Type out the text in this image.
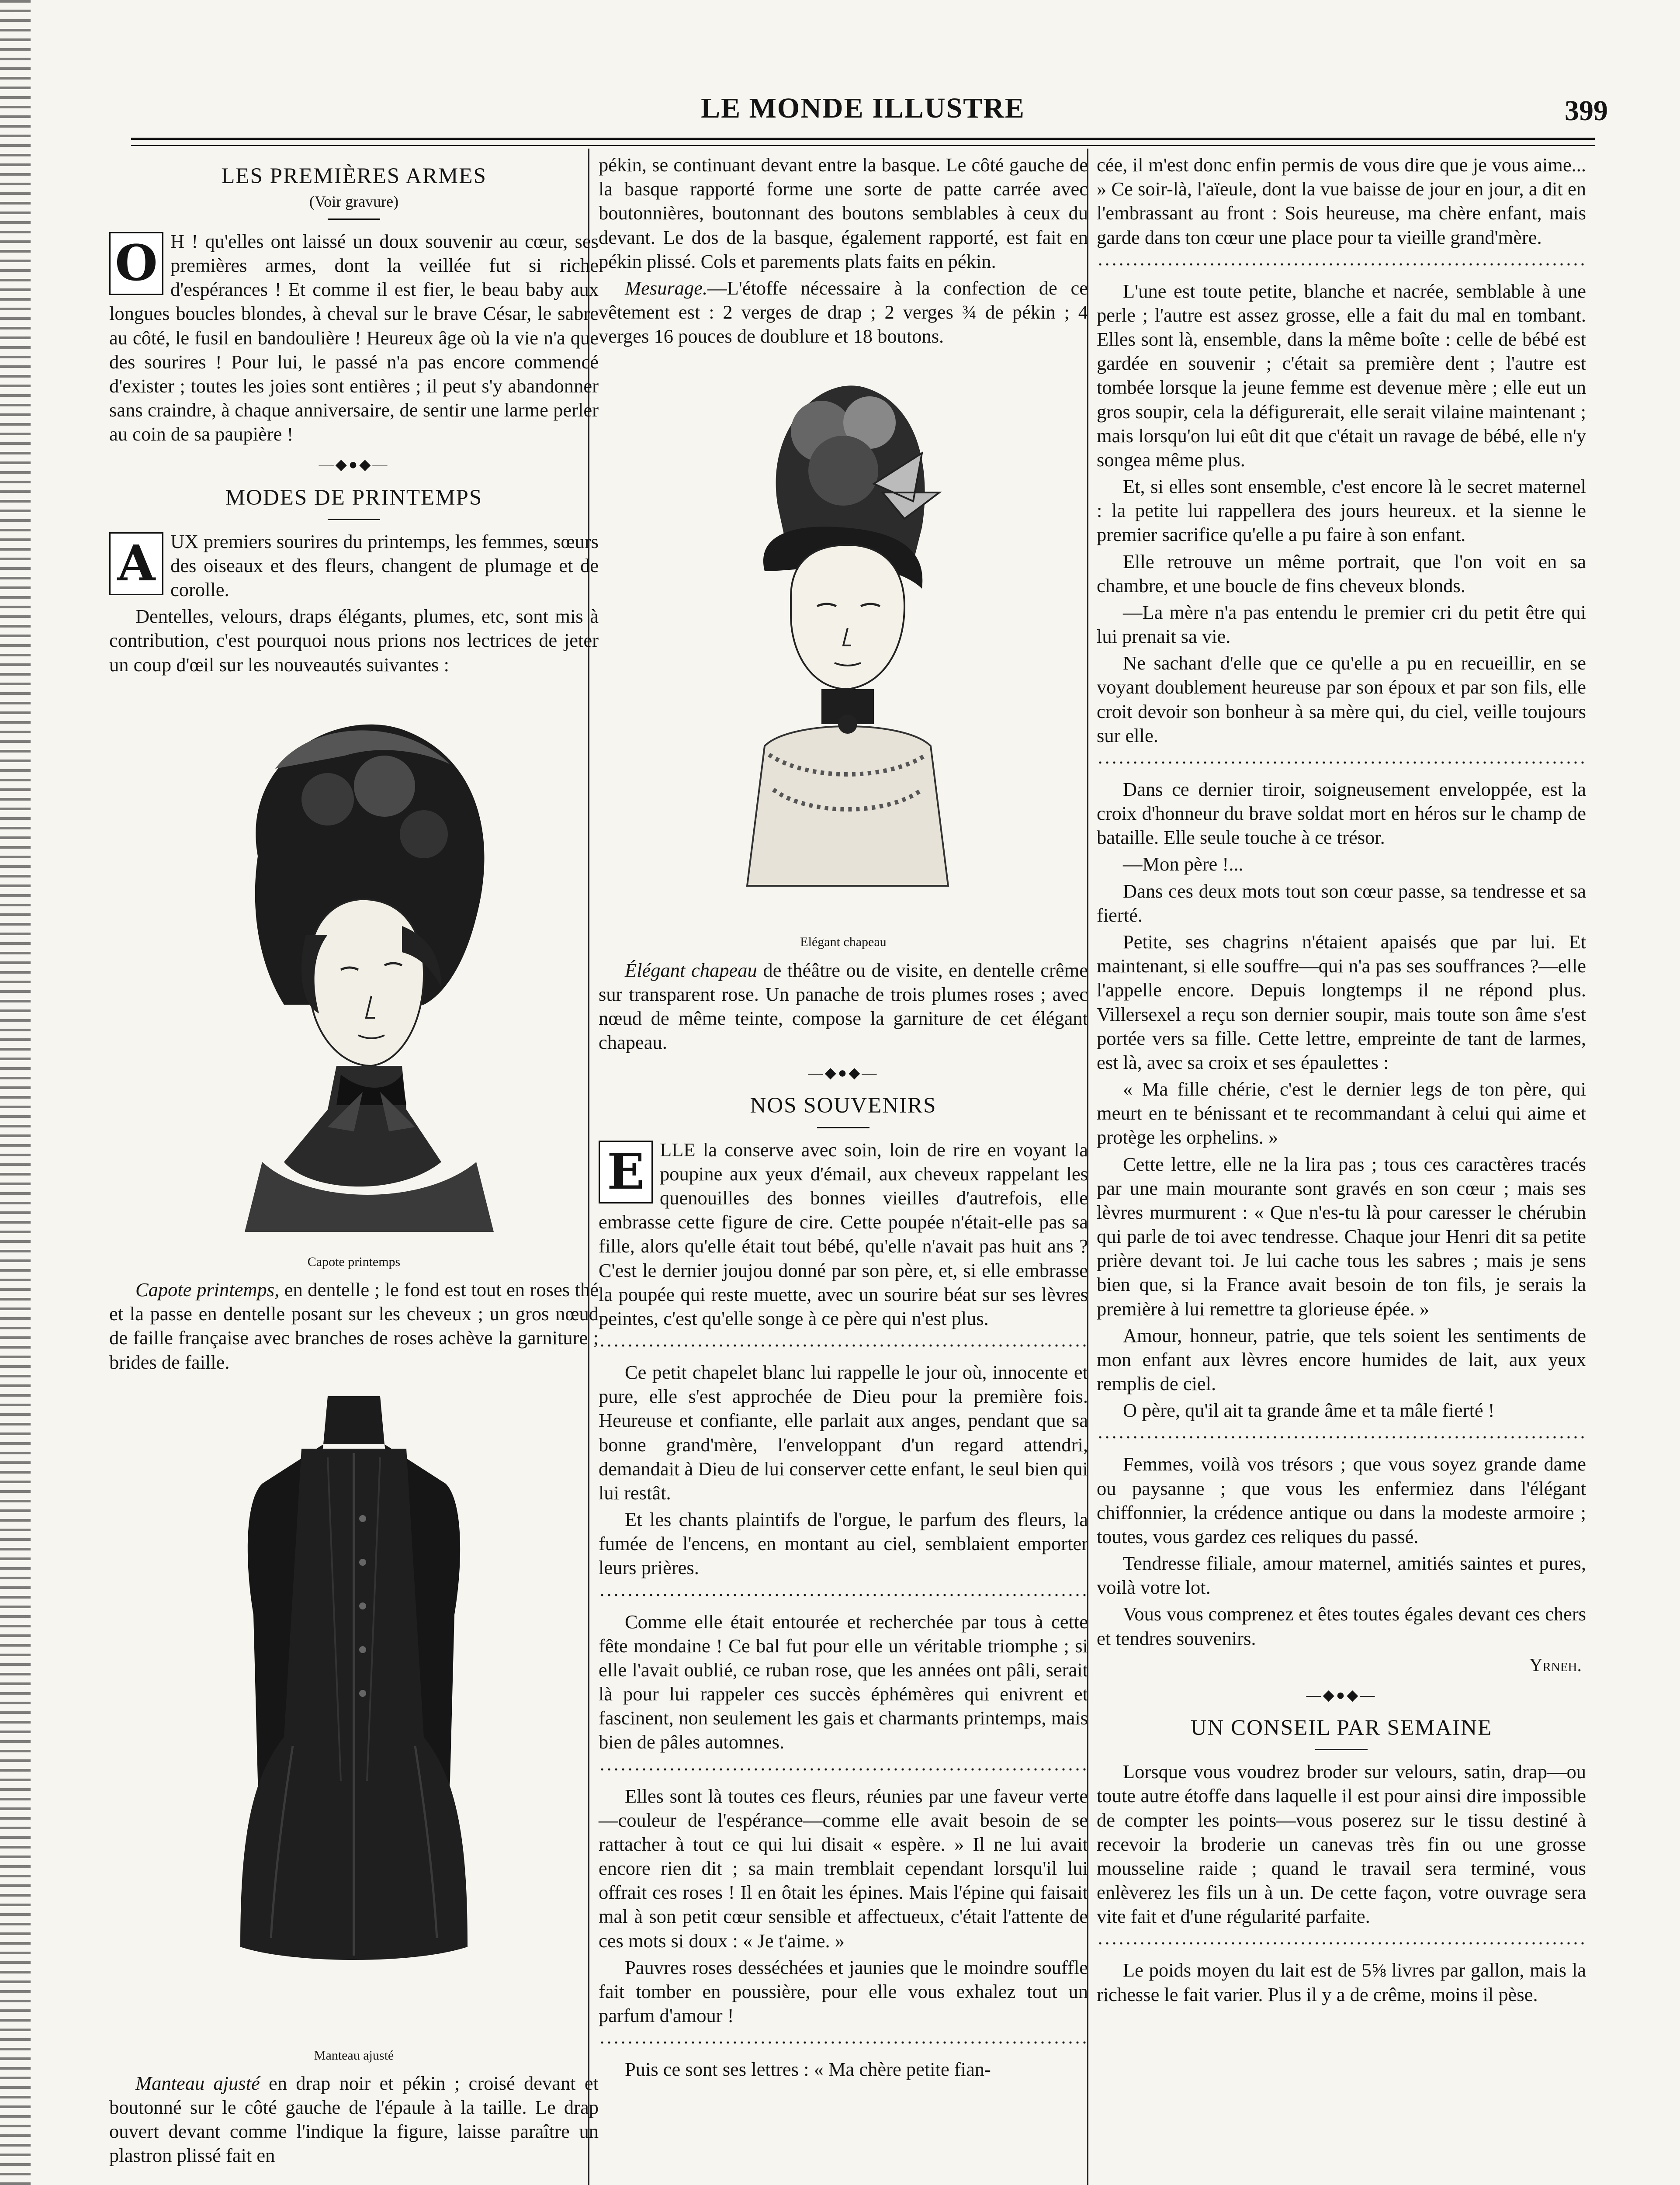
LE MONDE ILLUSTRE	399
LES PREMIÈRES ARMES
(Voir gravure)

O H ! qu'elles ont laissé un doux souvenir au cœur, ses premières armes, dont la veillée fut si riche d'espérances ! Et comme il est fier, le beau baby aux longues boucles blondes, à cheval sur le brave César, le sabre au côté, le fusil en bandoulière ! Heureux âge où la vie n'a que des sourires ! Pour lui, le passé n'a pas encore commencé d'exister ; toutes les joies sont entières ; il peut s'y abandonner sans craindre, à chaque anniversaire, de sentir une larme perler au coin de sa paupière !

—◆●◆—
MODES DE PRINTEMPS

A UX premiers sourires du printemps, les femmes, sœurs des oiseaux et des fleurs, changent de plumage et de corolle.

Dentelles, velours, draps élégants, plumes, etc, sont mis à contribution, c'est pourquoi nous prions nos lectrices de jeter un coup d'œil sur les nouveautés suivantes :

Capote printemps

Capote printemps, en dentelle ; le fond est tout en roses thé et la passe en dentelle posant sur les cheveux ; un gros nœud de faille française avec branches de roses achève la garniture ; brides de faille.

Manteau ajusté

Manteau ajusté en drap noir et pékin ; croisé devant et boutonné sur le côté gauche de l'épaule à la taille. Le drap ouvert devant comme l'indique la figure, laisse paraître un plastron plissé fait en

pékin, se continuant devant entre la basque. Le côté gauche de la basque rapporté forme une sorte de patte carrée avec boutonnières, boutonnant des boutons semblables à ceux du devant. Le dos de la basque, également rapporté, est fait en pékin plissé. Cols et parements plats faits en pékin.

Mesurage.—L'étoffe nécessaire à la confection de ce vêtement est : 2 verges de drap ; 2 verges ¾ de pékin ; 4 verges 16 pouces de doublure et 18 boutons.

Elégant chapeau

Élégant chapeau de théâtre ou de visite, en dentelle crême sur transparent rose. Un panache de trois plumes roses ; avec nœud de même teinte, compose la garniture de cet élégant chapeau.

—◆●◆—
NOS SOUVENIRS

E LLE la conserve avec soin, loin de rire en voyant la poupine aux yeux d'émail, aux cheveux rappelant les quenouilles des bonnes vieilles d'autrefois, elle embrasse cette figure de cire. Cette poupée n'était-elle pas sa fille, alors qu'elle était tout bébé, qu'elle n'avait pas huit ans ? C'est le dernier joujou donné par son père, et, si elle embrasse la poupée qui reste muette, avec un sourire béat sur ses lèvres peintes, c'est qu'elle songe à ce père qui n'est plus.

Ce petit chapelet blanc lui rappelle le jour où, innocente et pure, elle s'est approchée de Dieu pour la première fois. Heureuse et confiante, elle parlait aux anges, pendant que sa bonne grand'mère, l'enveloppant d'un regard attendri, demandait à Dieu de lui conserver cette enfant, le seul bien qui lui restât.

Et les chants plaintifs de l'orgue, le parfum des fleurs, la fumée de l'encens, en montant au ciel, semblaient emporter leurs prières.

Comme elle était entourée et recherchée par tous à cette fête mondaine ! Ce bal fut pour elle un véritable triomphe ; si elle l'avait oublié, ce ruban rose, que les années ont pâli, serait là pour lui rappeler ces succès éphémères qui enivrent et fascinent, non seulement les gais et charmants printemps, mais bien de pâles automnes.

Elles sont là toutes ces fleurs, réunies par une faveur verte—couleur de l'espérance—comme elle avait besoin de se rattacher à tout ce qui lui disait « espère. » Il ne lui avait encore rien dit ; sa main tremblait cependant lorsqu'il lui offrait ces roses ! Il en ôtait les épines. Mais l'épine qui faisait mal à son petit cœur sensible et affectueux, c'était l'attente de ces mots si doux : « Je t'aime. »

Pauvres roses desséchées et jaunies que le moindre souffle fait tomber en poussière, pour elle vous exhalez tout un parfum d'amour !

Puis ce sont ses lettres : « Ma chère petite fian-

cée, il m'est donc enfin permis de vous dire que je vous aime... » Ce soir-là, l'aïeule, dont la vue baisse de jour en jour, a dit en l'embrassant au front : Sois heureuse, ma chère enfant, mais garde dans ton cœur une place pour ta vieille grand'mère.

L'une est toute petite, blanche et nacrée, semblable à une perle ; l'autre est assez grosse, elle a fait du mal en tombant. Elles sont là, ensemble, dans la même boîte : celle de bébé est gardée en souvenir ; c'était sa première dent ; l'autre est tombée lorsque la jeune femme est devenue mère ; elle eut un gros soupir, cela la défigurerait, elle serait vilaine maintenant ; mais lorsqu'on lui eût dit que c'était un ravage de bébé, elle n'y songea même plus.

Et, si elles sont ensemble, c'est encore là le secret maternel : la petite lui rappellera des jours heureux. et la sienne le premier sacrifice qu'elle a pu faire à son enfant.

Elle retrouve un même portrait, que l'on voit en sa chambre, et une boucle de fins cheveux blonds.

—La mère n'a pas entendu le premier cri du petit être qui lui prenait sa vie.

Ne sachant d'elle que ce qu'elle a pu en recueillir, en se voyant doublement heureuse par son époux et par son fils, elle croit devoir son bonheur à sa mère qui, du ciel, veille toujours sur elle.

Dans ce dernier tiroir, soigneusement enveloppée, est la croix d'honneur du brave soldat mort en héros sur le champ de bataille. Elle seule touche à ce trésor.

—Mon père !...

Dans ces deux mots tout son cœur passe, sa tendresse et sa fierté.

Petite, ses chagrins n'étaient apaisés que par lui. Et maintenant, si elle souffre—qui n'a pas ses souffrances ?—elle l'appelle encore. Depuis longtemps il ne répond plus. Villersexel a reçu son dernier soupir, mais toute son âme s'est portée vers sa fille. Cette lettre, empreinte de tant de larmes, est là, avec sa croix et ses épaulettes :

« Ma fille chérie, c'est le dernier legs de ton père, qui meurt en te bénissant et te recommandant à celui qui aime et protège les orphelins. »

Cette lettre, elle ne la lira pas ; tous ces caractères tracés par une main mourante sont gravés en son cœur ; mais ses lèvres murmurent : « Que n'es-tu là pour caresser le chérubin qui parle de toi avec tendresse. Chaque jour Henri dit sa petite prière devant toi. Je lui cache tous les sabres ; mais je sens bien que, si la France avait besoin de ton fils, je serais la première à lui remettre ta glorieuse épée. »

Amour, honneur, patrie, que tels soient les sentiments de mon enfant aux lèvres encore humides de lait, aux yeux remplis de ciel.

O père, qu'il ait ta grande âme et ta mâle fierté !

Femmes, voilà vos trésors ; que vous soyez grande dame ou paysanne ; que vous les enfermiez dans l'élégant chiffonnier, la crédence antique ou dans la modeste armoire ; toutes, vous gardez ces reliques du passé.

Tendresse filiale, amour maternel, amitiés saintes et pures, voilà votre lot.

Vous vous comprenez et êtes toutes égales devant ces chers et tendres souvenirs.

Yrneh.
—◆●◆—
UN CONSEIL PAR SEMAINE

Lorsque vous voudrez broder sur velours, satin, drap—ou toute autre étoffe dans laquelle il est pour ainsi dire impossible de compter les points—vous poserez sur le tissu destiné à recevoir la broderie un canevas très fin ou une grosse mousseline raide ; quand le travail sera terminé, vous enlèverez les fils un à un. De cette façon, votre ouvrage sera vite fait et d'une régularité parfaite.

Le poids moyen du lait est de 5⅝ livres par gallon, mais la richesse le fait varier. Plus il y a de crême, moins il pèse.
